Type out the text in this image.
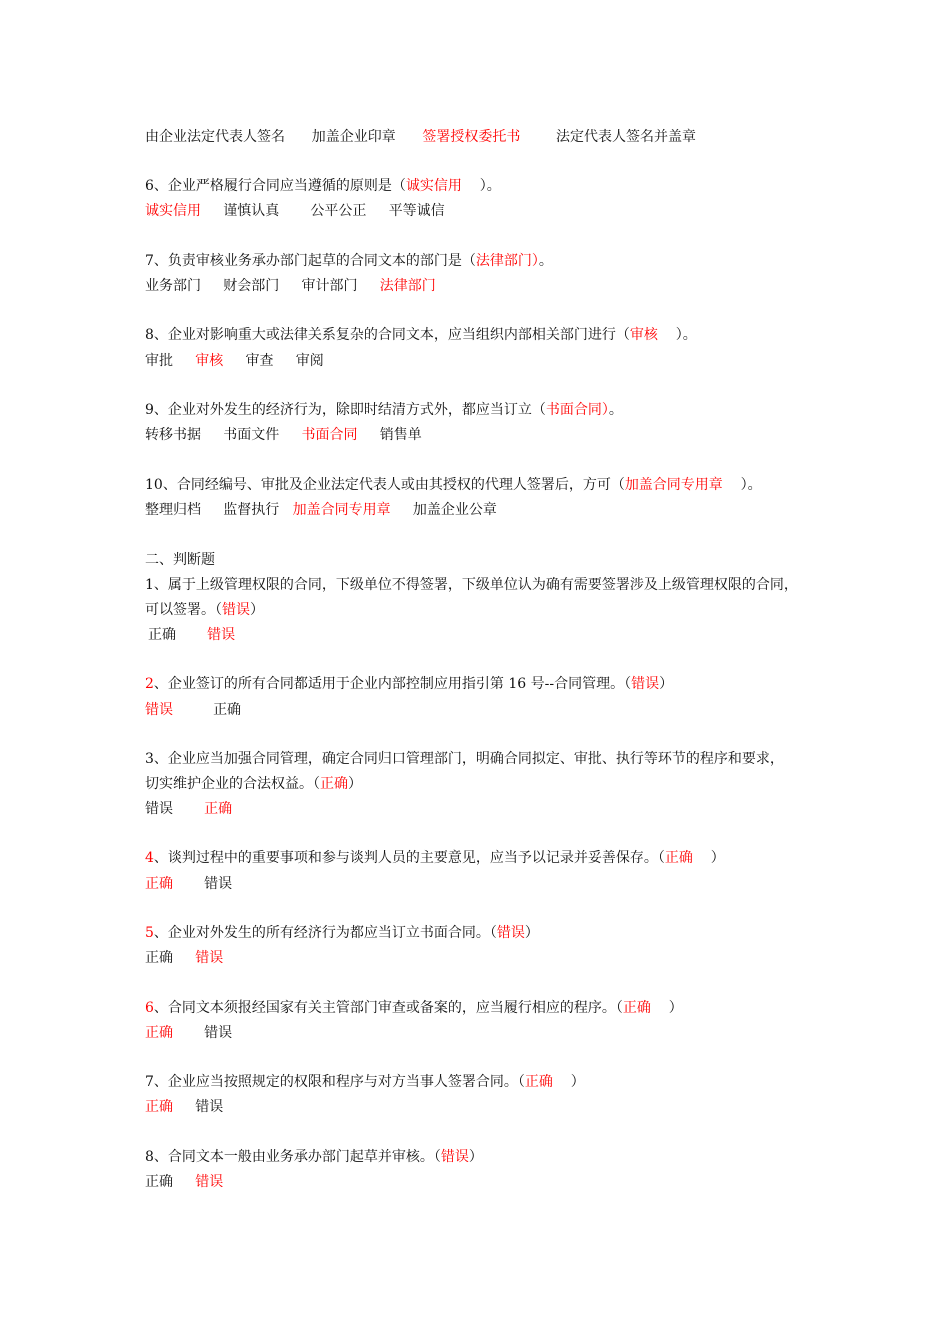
由企业法定代表人签名 加盖企业印章 签署授权委托书	法定代表人签名并盖章
6、企业严格履行合同应当遵循的原则是（诚实信用 ）。
诚实信用 谨慎认真 公平公正 平等诚信
7、负责审核业务承办部门起草的合同文本的部门是（法律部门）。
业务部门 财会部门 审计部门 法律部门
8、企业对影响重大或法律关系复杂的合同文本，应当组织内部相关部门进行（审核 ）。
审批 审核 审查 审阅
9、企业对外发生的经济行为，除即时结清方式外，都应当订立（书面合同）。
转移书据 书面文件 书面合同 销售单
10、合同经编号、审批及企业法定代表人或由其授权的代理人签署后，方可（加盖合同专用章 ）。
整理归档 监督执行 加盖合同专用章 加盖企业公章
二、判断题
1、属于上级管理权限的合同，下级单位不得签署，下级单位认为确有需要签署涉及上级管理权限的合同，
可以签署。（错误）
正确 错误
2、企业签订的所有合同都适用于企业内部控制应用指引第 16 号--合同管理。（错误）
错误	正确
3、企业应当加强合同管理，确定合同归口管理部门，明确合同拟定、审批、执行等环节的程序和要求，
切实维护企业的合法权益。（正确）
错误 正确
4、谈判过程中的重要事项和参与谈判人员的主要意见，应当予以记录并妥善保存。（正确 ）
正确 错误
5、企业对外发生的所有经济行为都应当订立书面合同。（错误）
正确 错误
6、合同文本须报经国家有关主管部门审查或备案的，应当履行相应的程序。（正确 ）
正确 错误
7、企业应当按照规定的权限和程序与对方当事人签署合同。（正确 ）
正确 错误
8、合同文本一般由业务承办部门起草并审核。（错误）
正确 错误
